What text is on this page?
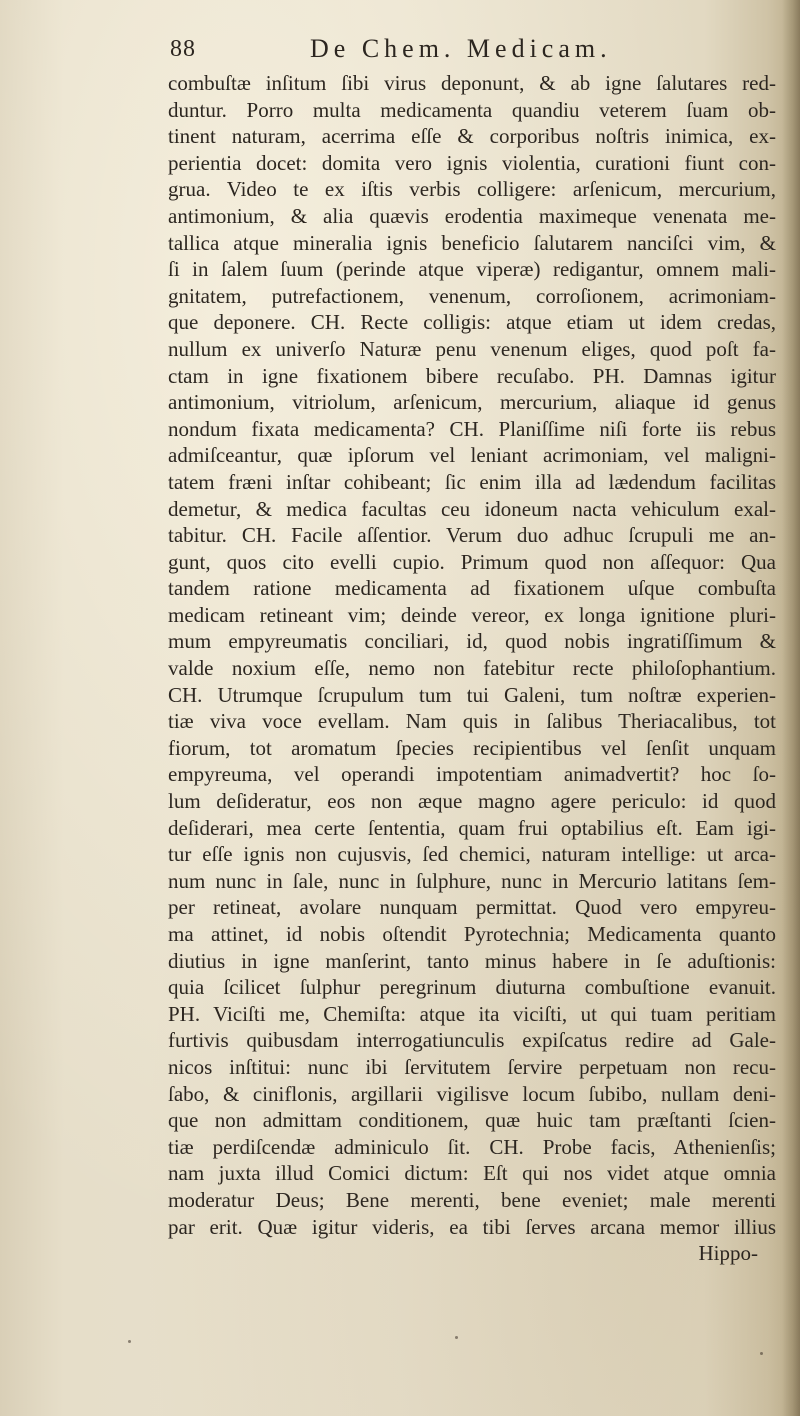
88	De Chem. Medicam.
combuſtæ inſitum ſibi virus deponunt, & ab igne ſalutares red-
duntur. Porro multa medicamenta quandiu veterem ſuam ob-
tinent naturam, acerrima eſſe & corporibus noſtris inimica, ex-
perientia docet: domita vero ignis violentia, curationi fiunt con-
grua. Video te ex iſtis verbis colligere: arſenicum, mercurium,
antimonium, & alia quævis erodentia maximeque venenata me-
tallica atque mineralia ignis beneficio ſalutarem nanciſci vim, &
ſi in ſalem ſuum (perinde atque viperæ) redigantur, omnem mali-
gnitatem, putrefactionem, venenum, corroſionem, acrimoniam-
que deponere. CH. Recte colligis: atque etiam ut idem credas,
nullum ex univerſo Naturæ penu venenum eliges, quod poſt fa-
ctam in igne fixationem bibere recuſabo. PH. Damnas igitur
antimonium, vitriolum, arſenicum, mercurium, aliaque id genus
nondum fixata medicamenta? CH. Planiſſime niſi forte iis rebus
admiſceantur, quæ ipſorum vel leniant acrimoniam, vel maligni-
tatem fræni inſtar cohibeant; ſic enim illa ad lædendum facilitas
demetur, & medica facultas ceu idoneum nacta vehiculum exal-
tabitur. CH. Facile aſſentior. Verum duo adhuc ſcrupuli me an-
gunt, quos cito evelli cupio. Primum quod non aſſequor: Qua
tandem ratione medicamenta ad fixationem uſque combuſta
medicam retineant vim; deinde vereor, ex longa ignitione pluri-
mum empyreumatis conciliari, id, quod nobis ingratiſſimum &
valde noxium eſſe, nemo non fatebitur recte philoſophantium.
CH. Utrumque ſcrupulum tum tui Galeni, tum noſtræ experien-
tiæ viva voce evellam. Nam quis in ſalibus Theriacalibus, tot
fiorum, tot aromatum ſpecies recipientibus vel ſenſit unquam
empyreuma, vel operandi impotentiam animadvertit? hoc ſo-
lum deſideratur, eos non æque magno agere periculo: id quod
deſiderari, mea certe ſententia, quam frui optabilius eſt. Eam igi-
tur eſſe ignis non cujusvis, ſed chemici, naturam intellige: ut arca-
num nunc in ſale, nunc in ſulphure, nunc in Mercurio latitans ſem-
per retineat, avolare nunquam permittat. Quod vero empyreu-
ma attinet, id nobis oſtendit Pyrotechnia; Medicamenta quanto
diutius in igne manſerint, tanto minus habere in ſe aduſtionis:
quia ſcilicet ſulphur peregrinum diuturna combuſtione evanuit.
PH. Viciſti me, Chemiſta: atque ita viciſti, ut qui tuam peritiam
furtivis quibusdam interrogatiunculis expiſcatus redire ad Gale-
nicos inſtitui: nunc ibi ſervitutem ſervire perpetuam non recu-
ſabo, & ciniflonis, argillarii vigilisve locum ſubibo, nullam deni-
que non admittam conditionem, quæ huic tam præſtanti ſcien-
tiæ perdiſcendæ adminiculo ſit. CH. Probe facis, Athenienſis;
nam juxta illud Comici dictum: Eſt qui nos videt atque omnia
moderatur Deus; Bene merenti, bene eveniet; male merenti
par erit. Quæ igitur videris, ea tibi ſerves arcana memor illius
Hippo-
